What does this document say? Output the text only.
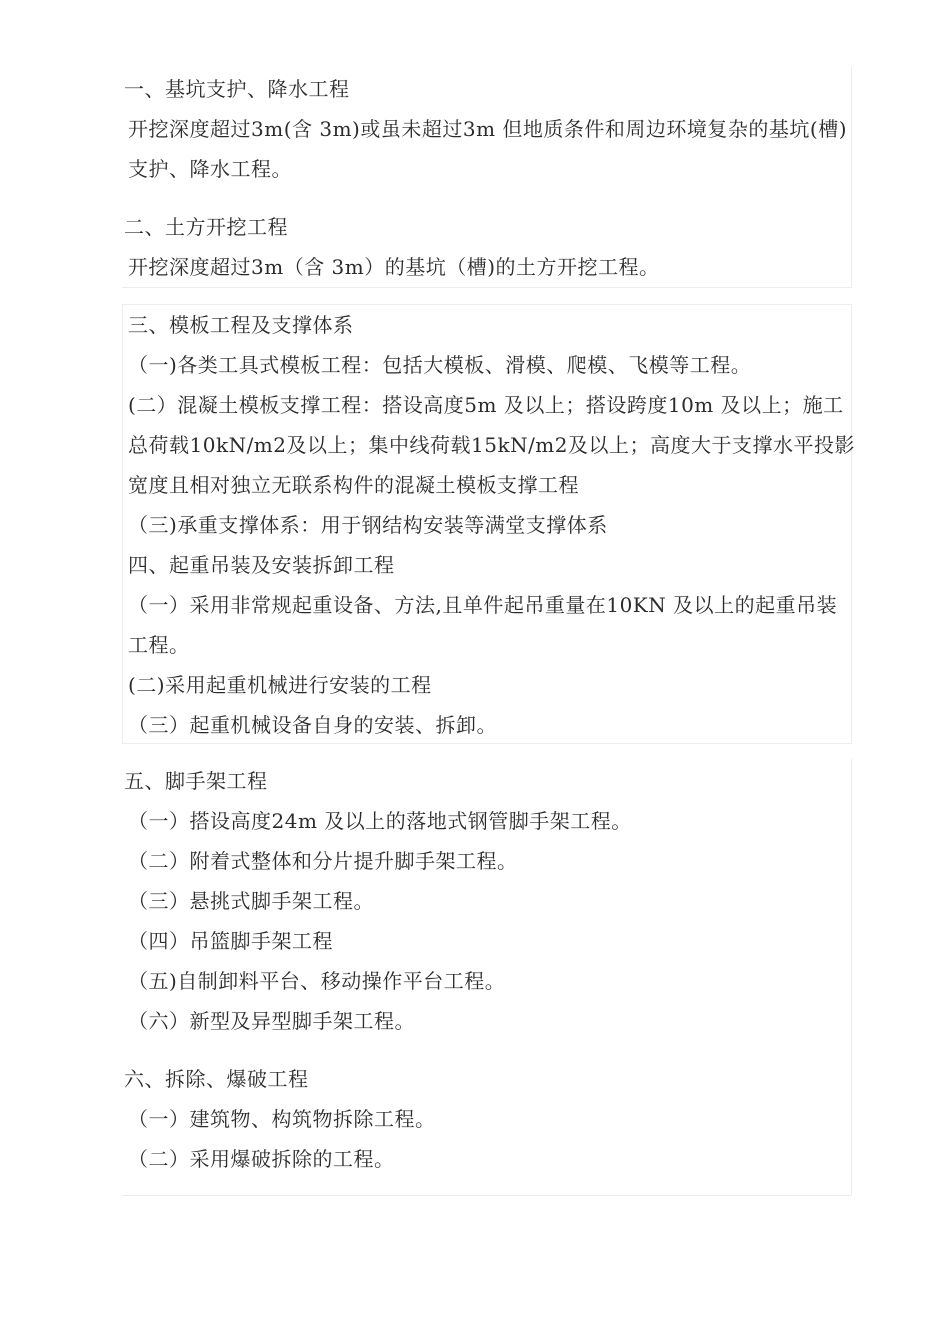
一、基坑支护、降水工程
开挖深度超过3m(含 3m)或虽未超过3m 但地质条件和周边环境复杂的基坑(槽)
支护、降水工程。
二、土方开挖工程
开挖深度超过3m（含 3m）的基坑（槽)的土方开挖工程。
三、模板工程及支撑体系
（一)各类工具式模板工程：包括大模板、滑模、爬模、飞模等工程。
(二）混凝土模板支撑工程：搭设高度5m 及以上；搭设跨度10m 及以上；施工
总荷载10kN/m2及以上；集中线荷载15kN/m2及以上；高度大于支撑水平投影
宽度且相对独立无联系构件的混凝土模板支撑工程
（三)承重支撑体系：用于钢结构安装等满堂支撑体系
四、起重吊装及安装拆卸工程
（一）采用非常规起重设备、方法,且单件起吊重量在10KN 及以上的起重吊装
工程。
(二)采用起重机械进行安装的工程
（三）起重机械设备自身的安装、拆卸。
五、脚手架工程
（一）搭设高度24m 及以上的落地式钢管脚手架工程。
（二）附着式整体和分片提升脚手架工程。
（三）悬挑式脚手架工程。
（四）吊篮脚手架工程
（五)自制卸料平台、移动操作平台工程。
（六）新型及异型脚手架工程。
六、拆除、爆破工程
（一）建筑物、构筑物拆除工程。
（二）采用爆破拆除的工程。
